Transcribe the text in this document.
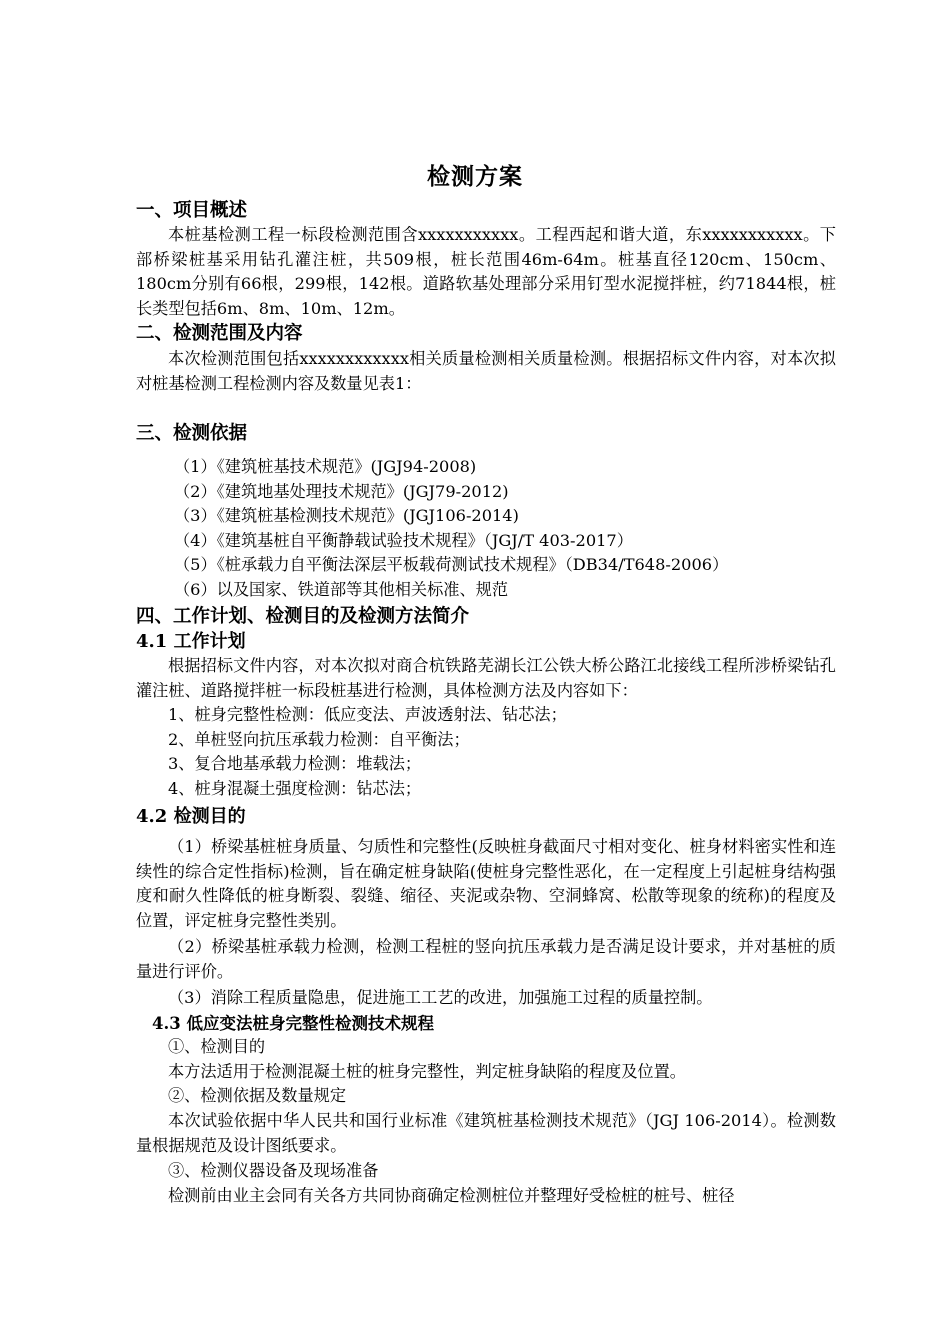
检测方案
一、项目概述
本桩基检测工程一标段检测范围含xxxxxxxxxxx。工程西起和谐大道，东xxxxxxxxxxx。下部桥梁桩基采用钻孔灌注桩，共509根，桩长范围46m-64m。桩基直径120cm、150cm、180cm分别有66根，299根，142根。道路软基处理部分采用钉型水泥搅拌桩，约71844根，桩长类型包括6m、8m、10m、12m。
二、检测范围及内容
本次检测范围包括xxxxxxxxxxxx相关质量检测相关质量检测。根据招标文件内容，对本次拟对桩基检测工程检测内容及数量见表1：
三、检测依据
（1）《建筑桩基技术规范》(JGJ94-2008)
（2）《建筑地基处理技术规范》(JGJ79-2012)
（3）《建筑桩基检测技术规范》(JGJ106-2014)
（4）《建筑基桩自平衡静载试验技术规程》（JGJ/T 403-2017）
（5）《桩承载力自平衡法深层平板载荷测试技术规程》（DB34/T648-2006）
（6）以及国家、铁道部等其他相关标准、规范
四、工作计划、检测目的及检测方法简介
4.1 工作计划
根据招标文件内容，对本次拟对商合杭铁路芜湖长江公铁大桥公路江北接线工程所涉桥梁钻孔灌注桩、道路搅拌桩一标段桩基进行检测，具体检测方法及内容如下：
1、桩身完整性检测：低应变法、声波透射法、钻芯法；
2、单桩竖向抗压承载力检测：自平衡法；
3、复合地基承载力检测：堆载法；
4、桩身混凝土强度检测：钻芯法；
4.2 检测目的
（1）桥梁基桩桩身质量、匀质性和完整性(反映桩身截面尺寸相对变化、桩身材料密实性和连续性的综合定性指标)检测，旨在确定桩身缺陷(使桩身完整性恶化，在一定程度上引起桩身结构强度和耐久性降低的桩身断裂、裂缝、缩径、夹泥或杂物、空洞蜂窝、松散等现象的统称)的程度及位置，评定桩身完整性类别。
（2）桥梁基桩承载力检测，检测工程桩的竖向抗压承载力是否满足设计要求，并对基桩的质量进行评价。
（3）消除工程质量隐患，促进施工工艺的改进，加强施工过程的质量控制。
4.3 低应变法桩身完整性检测技术规程
①、检测目的
本方法适用于检测混凝土桩的桩身完整性，判定桩身缺陷的程度及位置。
②、检测依据及数量规定
本次试验依据中华人民共和国行业标准《建筑桩基检测技术规范》（JGJ 106-2014）。检测数量根据规范及设计图纸要求。
③、检测仪器设备及现场准备
检测前由业主会同有关各方共同协商确定检测桩位并整理好受检桩的桩号、桩径
